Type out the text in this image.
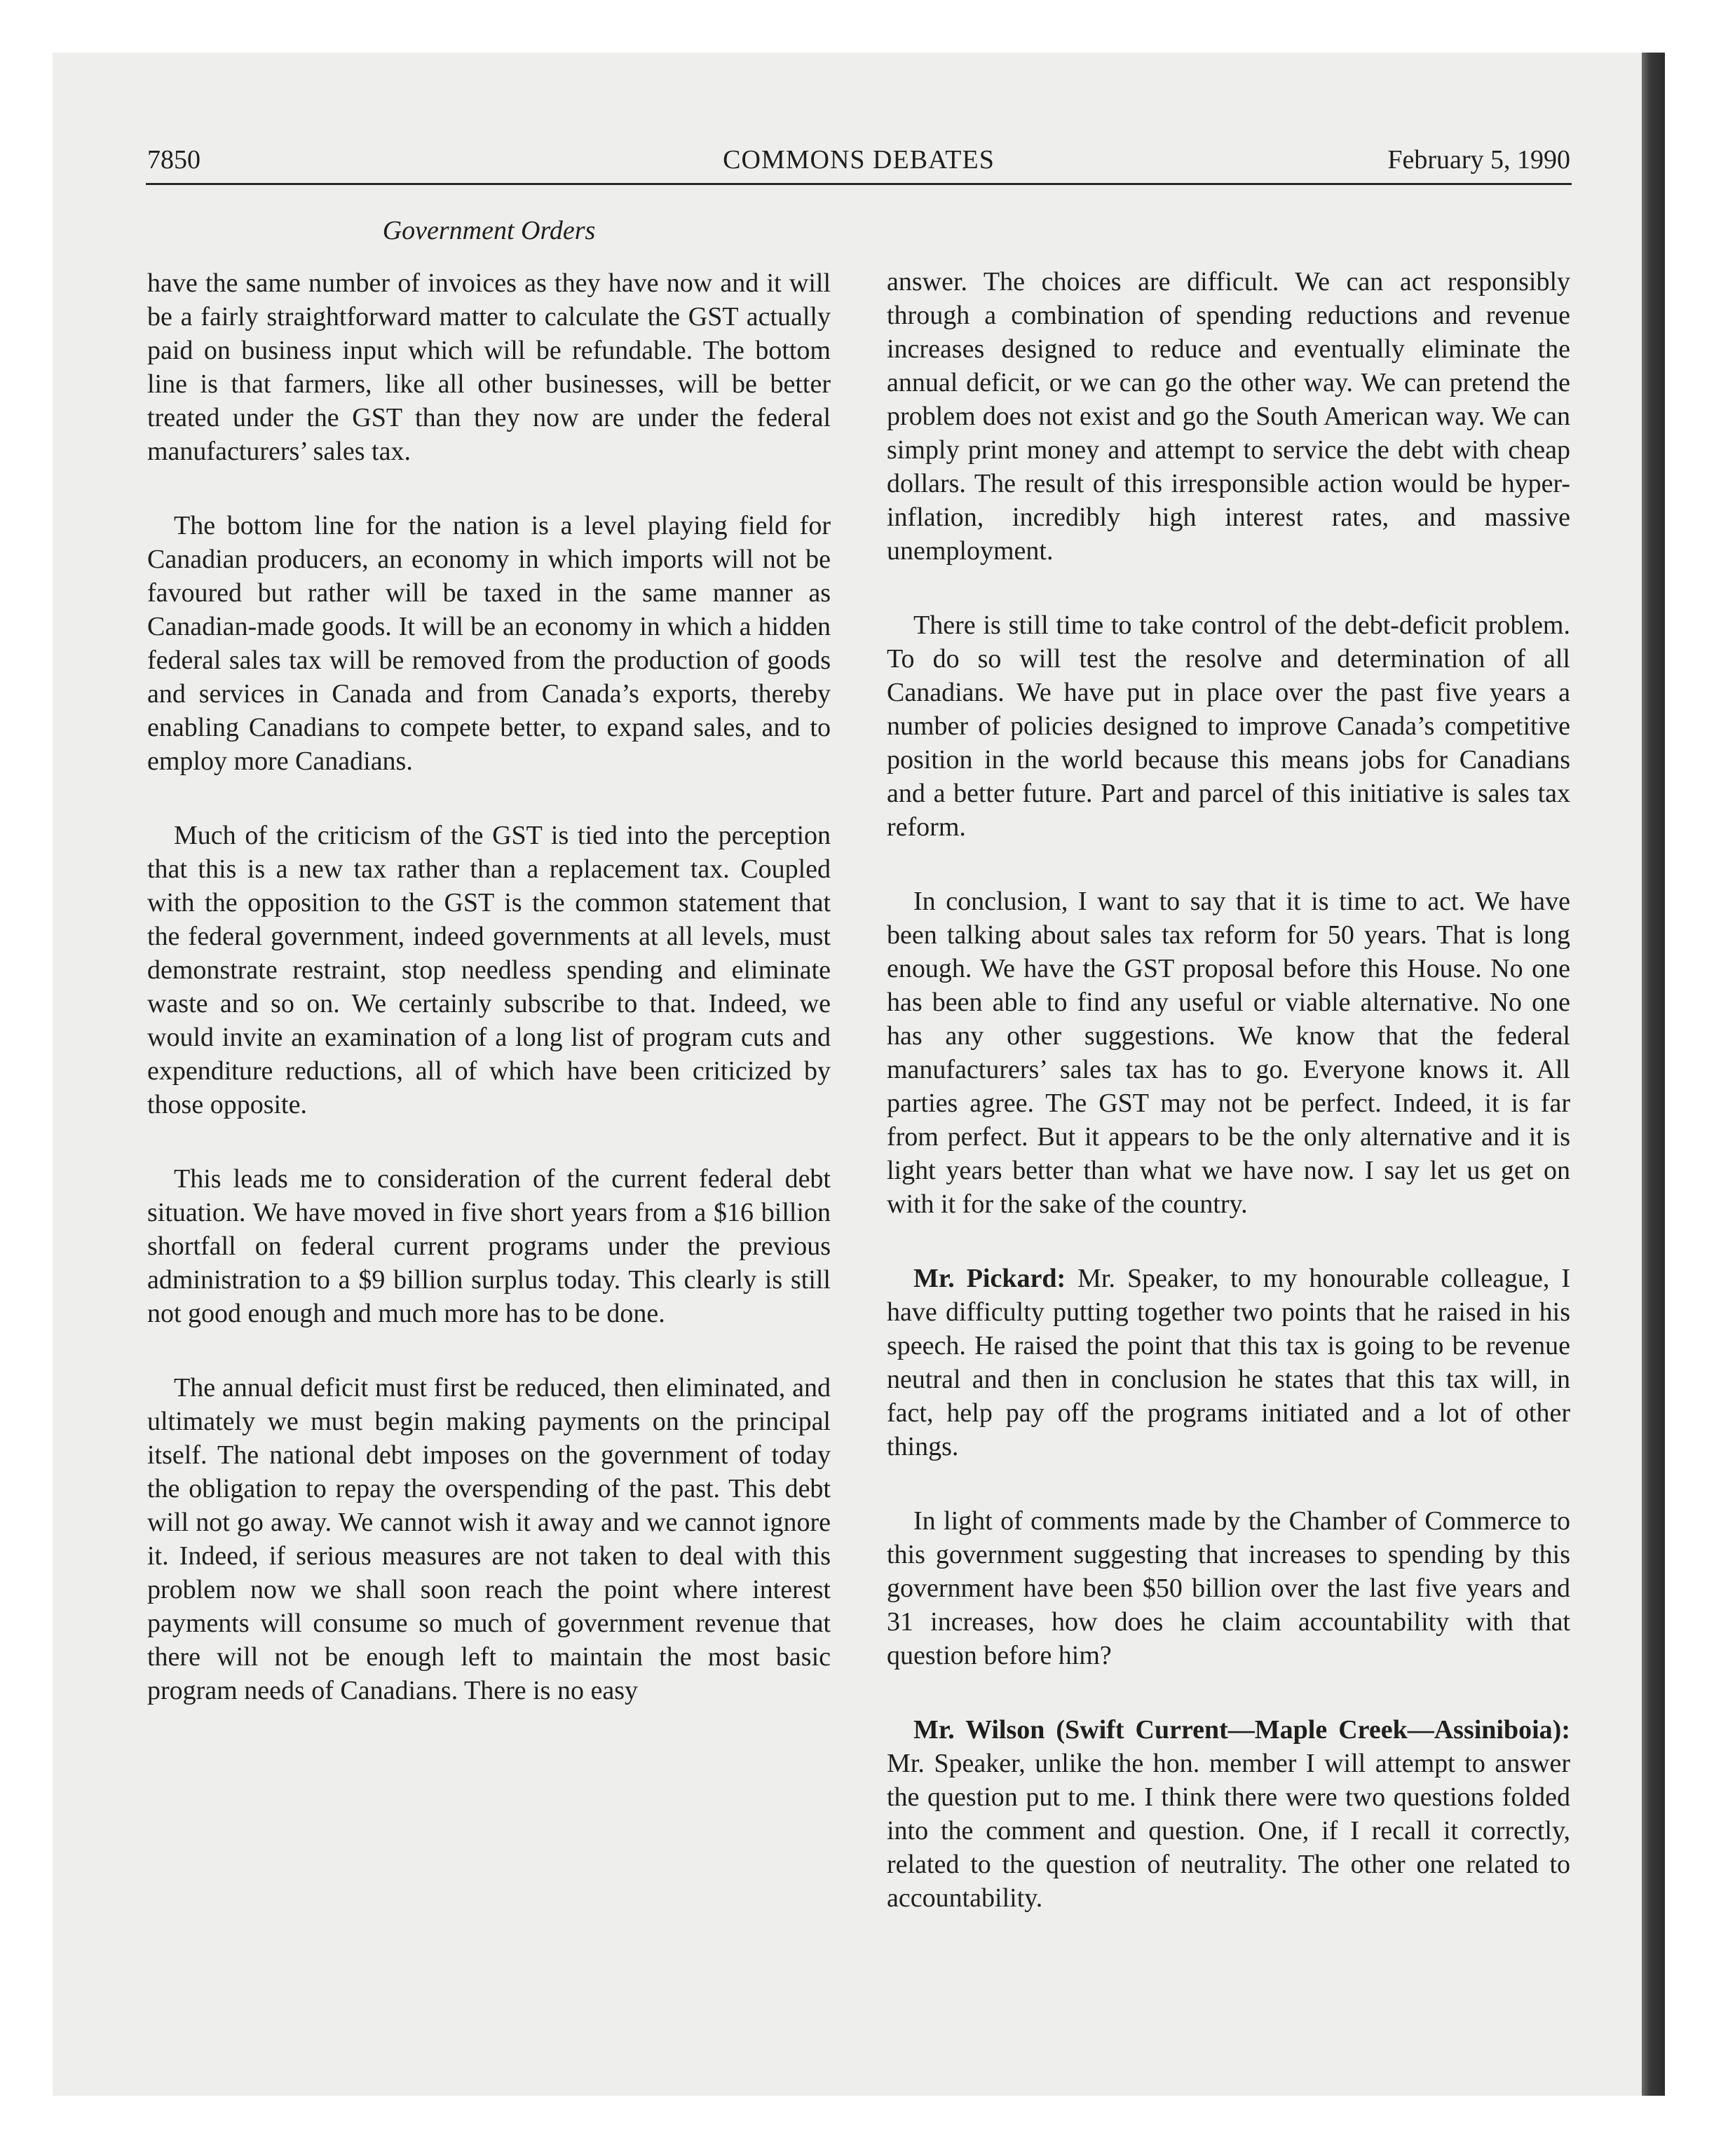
7850	COMMONS DEBATES	February 5, 1990
Government Orders

have the same number of invoices as they have now and it will be a fairly straightforward matter to calculate the GST actually paid on business input which will be refundable. The bottom line is that farmers, like all other businesses, will be better treated under the GST than they now are under the federal manufacturers’ sales tax.

The bottom line for the nation is a level playing field for Canadian producers, an economy in which imports will not be favoured but rather will be taxed in the same manner as Canadian-made goods. It will be an economy in which a hidden federal sales tax will be removed from the production of goods and services in Canada and from Canada’s exports, thereby enabling Canadians to compete better, to expand sales, and to employ more Canadians.

Much of the criticism of the GST is tied into the perception that this is a new tax rather than a replacement tax. Coupled with the opposition to the GST is the common statement that the federal government, indeed governments at all levels, must demonstrate restraint, stop needless spending and eliminate waste and so on. We certainly subscribe to that. Indeed, we would invite an examination of a long list of program cuts and expenditure reductions, all of which have been criticized by those opposite.

This leads me to consideration of the current federal debt situation. We have moved in five short years from a $16 billion shortfall on federal current programs under the previous administration to a $9 billion surplus today. This clearly is still not good enough and much more has to be done.

The annual deficit must first be reduced, then eliminated, and ultimately we must begin making payments on the principal itself. The national debt imposes on the government of today the obligation to repay the overspending of the past. This debt will not go away. We cannot wish it away and we cannot ignore it. Indeed, if serious measures are not taken to deal with this problem now we shall soon reach the point where interest payments will consume so much of government revenue that there will not be enough left to maintain the most basic program needs of Canadians. There is no easy

answer. The choices are difficult. We can act responsibly through a combination of spending reductions and revenue increases designed to reduce and eventually eliminate the annual deficit, or we can go the other way. We can pretend the problem does not exist and go the South American way. We can simply print money and attempt to service the debt with cheap dollars. The result of this irresponsible action would be hyper-inflation, incredibly high interest rates, and massive unemployment.

There is still time to take control of the debt-deficit problem. To do so will test the resolve and determination of all Canadians. We have put in place over the past five years a number of policies designed to improve Canada’s competitive position in the world because this means jobs for Canadians and a better future. Part and parcel of this initiative is sales tax reform.

In conclusion, I want to say that it is time to act. We have been talking about sales tax reform for 50 years. That is long enough. We have the GST proposal before this House. No one has been able to find any useful or viable alternative. No one has any other suggestions. We know that the federal manufacturers’ sales tax has to go. Everyone knows it. All parties agree. The GST may not be perfect. Indeed, it is far from perfect. But it appears to be the only alternative and it is light years better than what we have now. I say let us get on with it for the sake of the country.

Mr. Pickard: Mr. Speaker, to my honourable colleague, I have difficulty putting together two points that he raised in his speech. He raised the point that this tax is going to be revenue neutral and then in conclusion he states that this tax will, in fact, help pay off the programs initiated and a lot of other things.

In light of comments made by the Chamber of Commerce to this government suggesting that increases to spending by this government have been $50 billion over the last five years and 31 increases, how does he claim accountability with that question before him?

Mr. Wilson (Swift Current—Maple Creek—Assiniboia): Mr. Speaker, unlike the hon. member I will attempt to answer the question put to me. I think there were two questions folded into the comment and question. One, if I recall it correctly, related to the question of neutrality. The other one related to accountability.
